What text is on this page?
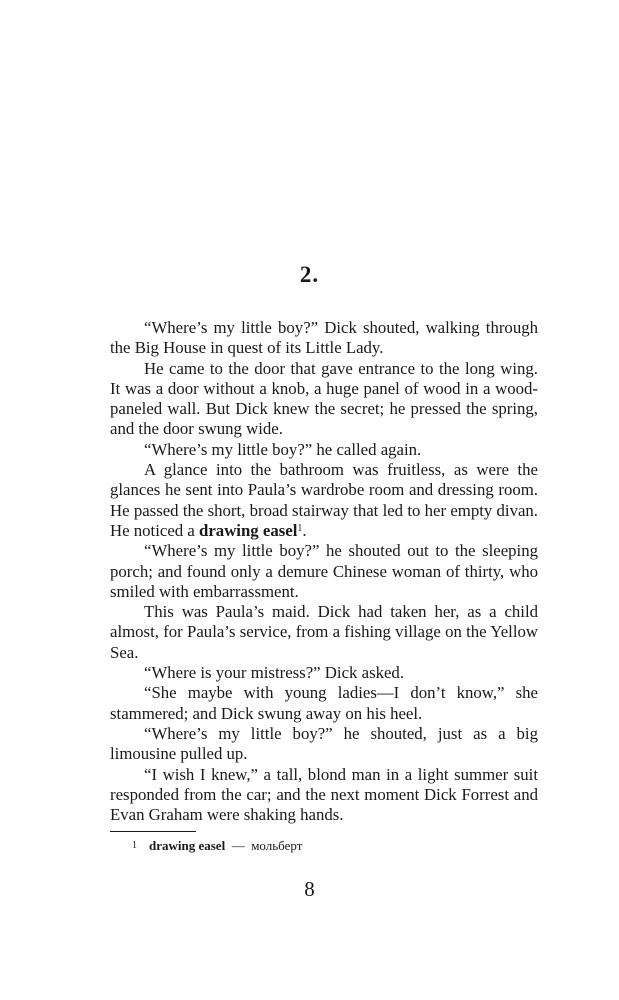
2.

“Where’s my little boy?” Dick shouted, walking through the Big House in quest of its Little Lady.

He came to the door that gave entrance to the long wing. It was a door without a knob, a huge panel of wood in a wood-paneled wall. But Dick knew the secret; he pressed the spring, and the door swung wide.

“Where’s my little boy?” he called again.

A glance into the bathroom was fruitless, as were the glances he sent into Paula’s wardrobe room and dressing room. He passed the short, broad stairway that led to her empty divan. He noticed a drawing easel$^1$.

“Where’s my little boy?” he shouted out to the sleeping porch; and found only a demure Chinese woman of thirty, who smiled with embarrassment.

This was Paula’s maid. Dick had taken her, as a child almost, for Paula’s service, from a fishing village on the Yellow Sea.

“Where is your mistress?” Dick asked.

“She maybe with young ladies—I don’t know,” she stammered; and Dick swung away on his heel.

“Where’s my little boy?” he shouted, just as a big limousine pulled up.

“I wish I knew,” a tall, blond man in a light summer suit responded from the car; and the next moment Dick Forrest and Evan Graham were shaking hands.

$^1$ drawing easel — мольберт
8
